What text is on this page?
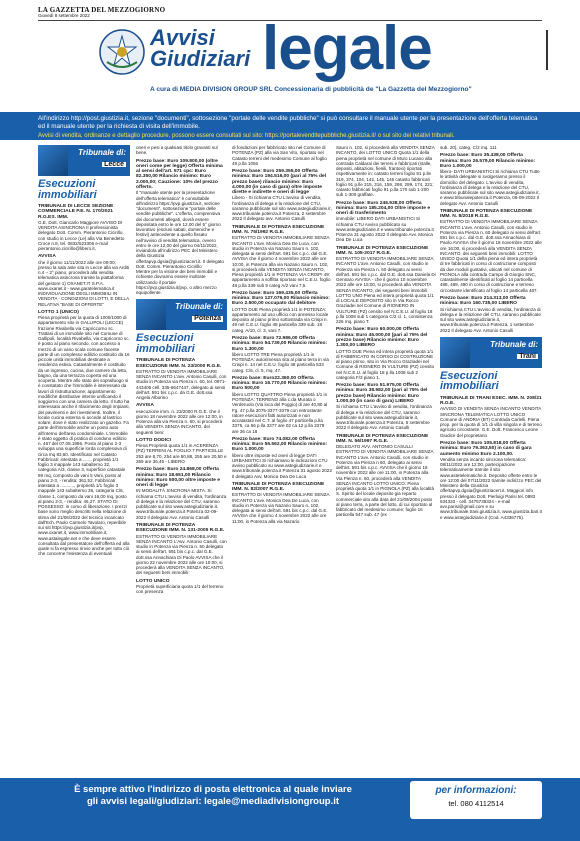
LA GAZZETTA DEL MEZZOGIORNO
Giovedì 8 settembre 2022
Avvisi
Giudiziari legale
A cura di MEDIA DIVISION GROUP SRL Concessionaria di pubblicità de "La Gazzetta del Mezzogiorno"
All'indirizzo http://post.giustizia.it, sezione "documenti", sottosezione "portale delle vendite pubbliche" si può consultare il manuale utente per la presentazione dell'offerta telematica ed il manuale utente per la richiesta di visita dell'immobile.
Avvisi di vendita, ordinanze e dettaglio procedure, possono essere consultati sul sito: https://portalevenditepubbliche.giustizia.it/ o sul sito dei relativi tribunali.
Tribunale di:
Lecce
Esecuzioni immobiliari
TRIBUNALE DI LECCE SEZIONE COMMERCIALE P.E. N. 170/2021 R.G.ES. IMM.

G.E. Dott. Giancarlo Maggiore AVVISO DI VENDITA ASINCRONA Il professionista delegato Dott. Comm. Pierantonio Cicirillo, con studio in Lecce (Le) alla Via Benedetto Croce n.8, tel. 0832/523306 e-mail pierantonio.cicirillo@libero.it,

AVVISA

che il giorno 11/11/2022 alle ore 09:00, presso la sala aste sita in Lecce alla via Arditi n.4 – 2° piano, procederà alla vendita telematica asincrona tramite la piattaforma del gestore 1) OXANET.IT S.P.A. www.oxanet.it - www.garatelematica.it INDIVIDUAZIONE DEGLI IMMOBILI IN VENDITA - CONDIZIONI DI LOTTI, E DELLA RELATIVA "BASE DI OFFERTE"

LOTTO 1 (UNICO)

Piena proprietà per la quota di 1000/1000 di appartamento sito in GALLIPOLI (LECCE) frazione Rivabella via Capriccorno sc. Trattasi di un immobile sito nel Comune di Gallipoli, località Rivabella, via Capricorno sc. è posto al piano secondo, con accesso a mezzo di un vano scala comune facente parte di un complesso edilizio costituito da 16 piccole unità immobiliari destinate a residenza estiva. Catastalmente è costituito da un ingresso, cucina, due camere da letto, bagno, da una terrazza coperta ed una scoperta. Mentre allo stato dei sopralluogo si è constatato che l'immobile è interessato da lavori di ristrutturazione; appartamento modifiche distributive interne unificando il soggiorno con una camera da letto. Il tutto ha interessato anche il rifacimento degli impianti, dei pavimenti e dei rivestimenti. Inoltre, il locale cucina esterna si accede al lastrico solare, dove è stato realizzato un gazebo. Fa parte dell'immobile anche un posto auto all'interno dell'area condominiale. L'immobile è stato oggetto di pratica di condono edilizio n. 467 del 07.08.1986. Posto al piano 2-3 sviluppa una superficie lorda complessiva di circa mq 83,60. Identificato nel Catasto Fabbricati: intestata a ....... proprietà 1/1 foglio 3 mappale 143 subalterno 32, categoria A/3, classe 3, superficie catastale 69 mq, composto da vani 5 Vani, posto al piano 2-3, - rendita: 361,52. Fabbricati intestata a ..........., proprietà 1/1 foglio 3 mappale 143 subalterno 36, categoria C/6, classe 1, composto da vani 16,00 mq, posto al piano 2-3, - rendita: 46,27. STATO DI POSSESSO: in corso di liberazione. I prezzi base sono meglio descritti nella relazione di stima del 21/06/2022 del tecnico incaricato dall'Ech. Paolo Carmelo Tavolaro, reperibile sui siti https://pvp.giustizia.it/pvp, www.oxanet.it, www.immobiliare.it, www.astalegale.net e che deve essere consultata dal presentatore dell'offerta ed alla quale si fa espresso rinvio anche per tutto ciò che concerne l'esistenza di eventuali

oneri e pesi a qualsiasi titolo gravanti sul bene.

Prezzo base: Euro 109.800,00 (oltre oneri come per legge) Offerta minima al sensi dell'art. 571 cpc: Euro 82.350,00 Rilancio minimo: Euro 2.000,00; Cauzione: 10% del prezzo offerto.

Il "manuale utente per la presentazione dell'offerta telematica" è consultabile all'indirizzo https://pvp.giustizia.it, sezione "documenti", sottosezione "portale delle vendite pubbliche". L'offerta, comprensiva dei documenti allegati, dovrà essere depositata entro le ore 12,00 del 5° giorno lavorativo (esclusi sabati, domeniche e festivi) antecedente a quello fissato nell'avviso di vendita telematica, ovvero entro le ore 12,00 del giorno 04/11/2022, inviandola all'indirizzo PEC del Ministero della Giustizia offertapvp.dgsia@giustiziacert.it. Il delegato Dott. Comm. Pierantonio Cicirillo

Mentre per la visione dei beni immobili e richieste dovranno essere inoltrate utilizzando il portale https://pvp.giustizia.it/pvp, o altro mezzo equipollente.

Tribunale di:
Potenza
Esecuzioni immobiliari
TRIBUNALE DI POTENZA ESECUZIONE IMM. N. 23/2000 R.G.E.

ESTRATTO DI VENDITA IMMOBILIARE SENZA INCANTO L'avv. Antonio Casulli, con studio in Potenza via Pienza n. 60, tel. 0971-443406 cell. 335-6647447, delegato ai sensi dell'art. 591 bis c.p.c. da G.E. dott.ssa Angela Alborino

AVVISA

esecuzione imm. n. 23/2000 R.G.E. che il giorno 18 novembre 2022 alle ore 12:00, in Potenza alla via Pienza n. 60, si procederà alla VENDITA SENZA INCANTO, dei seguenti beni:

LOTTO DODICI

Piena Proprietà quota 1/1 in ACERENZA (PZ) TERRENI AL FOGLIO 7 PARTICELLE 253 are 8,70, 254 are 50,88, 255 are 20,50 e 269 are 36,45 - LIBERO

Prezzo base: Euro 24.868,00 Offerta minima: Euro 18.651,00 Rilancio minimo: Euro 500,00 oltre imposte e oneri di legge

IN MODALITÀ SINCRONA MISTA. Si richiama CTU L'avviso di vendita, l'ordinanza di delega e la relazione del CTU, saranno pubblicate sul sito www.astegiudiziarie.it, www.tribunale.potenza.it Potenza 02-09-2022 Il delegato Avv. Antonio Casulli

TRIBUNALE DI POTENZA ESECUZIONE IMM. N. 131-2005 R.G.E.

ESTRATTO DI VENDITA IMMOBILIARE SENZA INCANTO L'Avv. Antonio Casulli, con studio in Potenza via Pienza n. 60 delegato ai sensi dell'art. 591 bis c.p.c. dal G.E. dott.ssa Annachiara Di Paolo AVVISA che il giorno 22 novembre 2022 alle ore 10:00, si procederà alla VENDITA SENZA INCANTO, dei seguenti beni immobili:

LOTTO UNICO

Proprietà superficiaria quota 1/1 del terreno con presenza

di fondazioni per fabbricato sito nel Comune di POTENZA (PZ) alla via San Vito, riportato nel Catasto terreni del medesimo Comune al foglio 49 p.lla 1056

Prezzo base: Euro 259.355,00 Offerta minima: Euro 194.516,00 (pari al 75% del prezzo base) rilancio minimo: Euro 4.000,00 (in caso di gara) oltre imposte dirette e indirette e oneri di legge

Libero - Si richiama CTU L'avviso di vendita, l'ordinanza di delega e la relazione del CTU, saranno pubblicate sul sito www.astegiudiziarie.it, www.tribunale.potenza.it Potenza, 2 settembre 2022 Il delegato avv. Antonio Casulli

TRIBUNALE DI POTENZA ESECUZIONE IMM. N. 75/1992 R.G.E.

ESTRATTO DI VENDITA IMMOBILIARE SENZA INCANTO L'avv. Monica Dea De Luca, con studio in Potenza via Nazario Sauro n. 102, delegata ai sensi dell'art. 591 bis c.p.c. dal G.E. AVVISA che il giorno 4 novembre 2022 alle ore 10:00, in Potenza alla via Nazario Sauro n. 102, si procederà alla VENDITA SENZA INCANTO, Piena proprietà 1/1 in POTENZA VIA CRISPI 49: appartamento a soffitta riportato nel C.E.U. foglio 48 p.lla 339 sub 9 categ A/2 vani 7,5.

Prezzo base: Euro 169.435,00 Offerta minima: Euro 127.076,00 Rilancio minimo: Euro 2.500,00 occupato dal debitore

LOTTO DUE Piena proprietà 1/1 in POTENZA: appartamento ad uso ufficio con annesso locale deposito al piano primo sottostrada via Crispi n. 49 nel C.E.U. foglio 48 particella 339 sub. 18 categ. A/10, cl. 3, vani 7.

Prezzo base: Euro 72.986,00 Offerta minima: Euro 54.739,00 Rilancio minimo: Euro 1.300,00

libero LOTTO TRE Piena proprietà 1/1 in POTENZA: autorimessa sita al piano terra in via Crispi n. 14 nel C.E.U. foglio 48 particella 533 categ. C/6, cl. 5, mq. 47.

Prezzo base: Euro22.360,00 Offerta minima: Euro 16.770,00 Rilancio minimo: Euro 500,00

libero LOTTO QUATTRO Piena proprietà 1/1 in POTENZA: TERRENO alla c.da Murata o Verderuolo (Via loca del Poggio) di are 40,80 al Fg. 47 p.lla 3075-3377-3379 con entrostante ratore esecuzioni fatti autorizzati e non accatastati nel C.T. al foglio 47 particella p.lla 3375, ca 56 p.lla 3377 are 02 ca 12 p.lla 3379 are 36 ca 18

Prezzo base: Euro 74.082,00 Offerta minima: Euro 55.562,00 Rilancio minimo: Euro 1.000,00

libero oltre imposte ed oneri di legge DATI URBANISTICI Si richiamano le indicazioni CTU avviso pubblicato su www.astegiudiziarie.it e www.tribunale.potenza.it Potenza 31 agosto 2022 Il delegato Avv. Monica Dea De Luca

TRIBUNALE DI POTENZA ESECUZIONE IMM. N. 82/2007 R.G.E.

ESTRATTO DI VENDITA IMMOBILIARE SENZA INCANTO L'avv. Monica Dea De Luca, con studio in Potenza via Nazario Sauro n. 102, delegata ai sensi dell'art. 591 bis c.p.c. dal G.E. AVVISA che il giorno 4 novembre 2022 alle ore 11:00, in Potenza alla via Nazario

Sauro n. 102, si procederà alla VENDITA SENZA INCANTO, dei LOTTO UNICO Quota 1/1 della piena proprietà nel comune di Muro Lucano alla contrada Caldarai dei terreni e fabbricati (stalle, depositi, abitazioni, fienili, frantoio) riportati rispettivamente in: catasto terreni foglio 91 p.lle 319, 374, 104, 142, 145, 146 catasto fabbricati foglio 91 p.lle 315, 316, 159, 298, 299, 174, 221; catasto fabbricati foglio 91 p.lla 170 sub 1-200 sub 1-300 graffate.

Prezzo base: Euro 246.938,00 Offerta minima: Euro 185.204,00 Oltre imposte e oneri di trasferimento

immobile: LIBERO DATI URBANISTICI Si richiama CTU Avviso pubblicato su www.astegiudiziarie.it e www.tribunale.potenza.it Potenza 31 agosto 2022 Il delegato Avv. Monica Dea De Luca

TRIBUNALE DI POTENZA ESECUZIONE IMM. N. 105-2017 R.G.E.

ESTRATTO DI VENDITA IMMOBILIARE SENZA INCANTO L'avv. Antonio Casulli, con studio in Potenza via Pienza n. 60 delegato ai sensi dell'art. 591 bis c.p.c. dal G.E. dott.ssa Daniela Di Gennaro AVVISA - che il giorno 10 novembre 2022 alle ore 15:00, si procederà alla VENDITA SENZA INCANTO, dei seguenti beni immobili LOTTO UNO Piena ed intera proprietà quota 1/1 di LOCALE DEPOSITO sito in Via Rocco Graziadei nel Comune di RIONERO IN VULTURE (PZ) censito nel N.C.E.U. al foglio 18 p.lla 1008 sub 1 categoria C/2 cl. 1, consistenza 226 mq, piano T.

Prezzo base: Euro 60.000,00 Offerta minima: Euro 45.000,00 (pari al 75% del prezzo base) Rilancio minimo: Euro 1.300,00 LIBERO

LOTTO DUE Piena ed intera proprietà quota 1/1 di FABBRICATO IN CORSO DI COSTRUZIONE al piano primo, sito in Via Rocco Graziadei nel Comune di RIONERO IN VULTURE (PZ) censito nel N.C.E.U. al foglio 18 p.lla 1008 sub 2 categoria F/3 piano 1.

Prezzo base: Euro 51.975,00 Offerta minima: Euro 38.982,00 (pari al 75% del prezzo base) Rilancio minimo: Euro 1.000,00 (in caso di gara) LIBERO

Si richiama CTU L'avviso di vendita, l'ordinanza di delega e la relazione del CTU, saranno pubblicate sul sito www.astegiudiziarie.it, www.tribunale.potenza.it Potenza, 5 settembre 2022 Il delegato Avv. Antonio Casulli

TRIBUNALE DI POTENZA ESECUZIONE IMM. N. 56/1997 R.G.E.

DELEGATO AVV. ANTONIO CASULLI ESTRATTO DI VENDITA IMMOBILIARE SENZA INCANTO L'avv. Antonio Casulli, con studio in Potenza via Pienza n 60, delegato ai sensi dell'art. 591 bis c.p.c. AVVISA che il giorno 18 novembre 2022 alle ore 11:00, in Potenza alla Via Pienza n. 60, procederà alla VENDITA SENZA INCANTO LOTTO UNICO: Piena proprietà quota 1/1 in PIGNOLA (PZ) alla località S. Spirito del locale deposito gia reparto commerciale sito alla data del 21/09/2004 posto al piano terra, a parte del lotto, di cui riportato al fabbricato del medesimo comune: foglio 16 particella 547 sub. 47 (ex

sub. 20), categ. C/2 mq. 111

Prezzo base: Euro 35.438,00 Offerta minima: Euro 26.579,00 Rilancio minimo: Euro 1.000,00

libero- DATI URBANISTICI Si richiama CTU Tutte le attività delegate si svolgeranno presso il domicilio del delegato. L'avviso di vendita, l'ordinanza di delega e la relazione del CTU, saranno pubblicate sul sito www.astegiudiziarie.it, e www.tribunalepotenza.it Potenza, 06-09-2022 Il delegato Avv. Antonio Casulli

TRIBUNALE DI POTENZA ESECUZIONE IMM. N. 8/2018 R.G.E.

ESTRATTO DI VENDITA IMMOBILIARE SENZA INCANTO L'avv. Antonio Casulli, con studio in Potenza via Pienza n. 60 delegato ai sensi dell'art. 591 bis c.p.c. dal G.E. dott.ssa Annachiara di Paolo AVVISA che il giorno 18 novembre 2022 alle ore 16:00, si procederà alla VENDITA SENZA INCANTO, dei seguenti beni immobili: LOTTO UNICO Quota 1/1 della piena ed intera proprietà di tre fabbricati in corso di costruzione composti da due moduli gustativi, ubicati nel comune di PIGNOLA alla contrada Campo di Giorgio SNC, catastalmente identificati al foglio 14 particella 488, 489, 490 in corso di costruzione e terreno circostante identificato al foglio 14 particella 487.

Prezzo base: Euro 214.313,00 Offerta minima: Euro 160.735,00 LIBERO

Si richiama CTU L'avviso di vendita, l'ordinanza di delega e la relazione del CTU, saranno pubblicate sul sito www.astegiudiziarie.it, www.tribunale.potenza.it Potenza, 1 settembre 2022 Il delegato Avv. Antonio Casulli

Tribunale di:
Trani
Esecuzioni immobiliari
TRIBUNALE DI TRANI ESEC. IMM. N. 208/21 R.G.E.

AVVISO DI VENDITA SENZA INCANTO VENDITA SINCRONA TELEMATICA LOTTO UNICO Comune di ANDRIA (BT) Contrada Carlelli. Piena prop. per la quota di 1/1 di villa singola e di terreno agricolo circostante. G.E. Dott. Francesco Leone Giudice del proprietario

Prezzo base: Euro 105.818,00 Offerta minima: Euro 79.363,50) in caso di gara aumento minimo Euro 2.100,00.

Vendita senza incanto sincrona telematica: 08/11/2022 ore 12:00, partecipazione telematicamente tramite il sito www.astetelematiche.it. Deposito offerte entro le ore 12:00 del 07/11/2022 tramite indirizzo PEC del Ministero della Giustizia offertapvp.dgsia@giustiziacert.it. Maggiori info presso il delegato Dott. Pierluigi Parisi tel. 0883 534333 - cell. 3475738324 - e-mail avv.parisi@gmail.com e su www.tribunale.trani.giustizia.it, www.giustizia.bari.it e www.astegiudiziarie.it (Cod. A4336775).

È sempre attivo l'indirizzo di posta elettronica al quale inviare
gli avvisi legali/giudiziari: legale@mediadivisiongroup.it
per informazioni:
tel. 080 4112514
